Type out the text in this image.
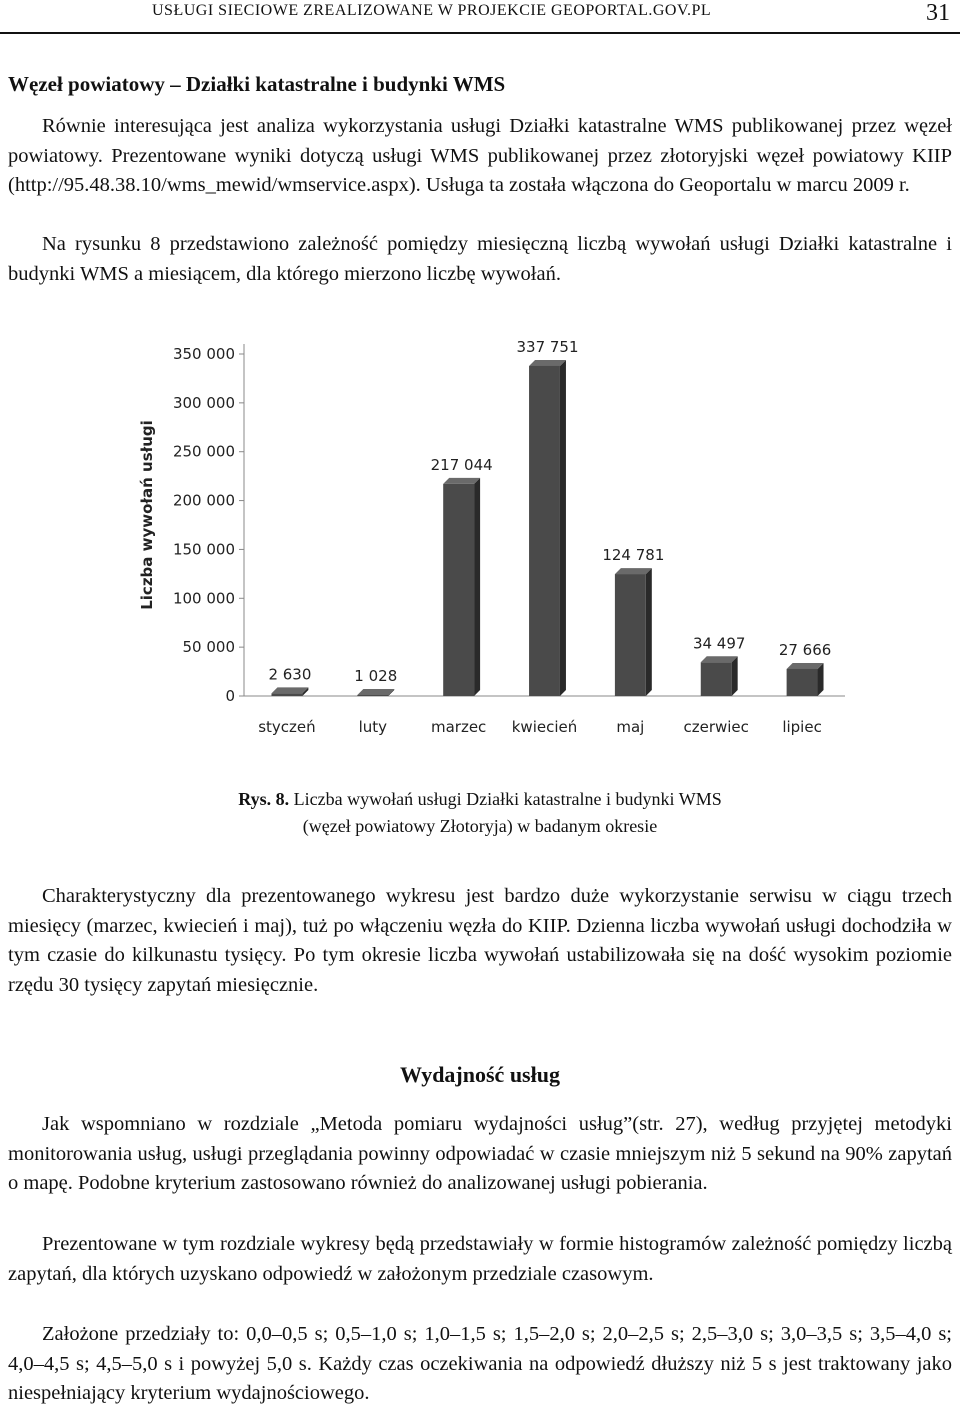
USŁUGI SIECIOWE ZREALIZOWANE W PROJEKCIE GEOPORTAL.GOV.PL	31
Węzeł powiatowy – Działki katastralne i budynki WMS

Równie interesująca jest analiza wykorzystania usługi Działki katastralne WMS publikowanej przez węzeł powiatowy. Prezentowane wyniki dotyczą usługi WMS publikowanej przez złotoryjski węzeł powiatowy KIIP (http://95.48.38.10/wms_mewid/wmservice.aspx). Usługa ta została włączona do Geoportalu w marcu 2009 r.

Na rysunku 8 przedstawiono zależność pomiędzy miesięczną liczbą wywołań usługi Działki katastralne i budynki WMS a miesiącem, dla którego mierzono liczbę wywołań.

0
50 000
100 000
150 000
200 000
250 000
300 000
350 000
Liczba wywołań usługi
2 630
styczeń
1 028
luty
217 044
marzec
337 751
kwiecień
124 781
maj
34 497
czerwiec
27 666
lipiec
Rys. 8. Liczba wywołań usługi Działki katastralne i budynki WMS
(węzeł powiatowy Złotoryja) w badanym okresie

Charakterystyczny dla prezentowanego wykresu jest bardzo duże wykorzystanie serwisu w ciągu trzech miesięcy (marzec, kwiecień i maj), tuż po włączeniu węzła do KIIP. Dzienna liczba wywołań usługi dochodziła w tym czasie do kilkunastu tysięcy. Po tym okresie liczba wywołań ustabilizowała się na dość wysokim poziomie rzędu 30 tysięcy zapytań miesięcznie.

Wydajność usług

Jak wspomniano w rozdziale „Metoda pomiaru wydajności usług”(str. 27), według przyjętej metodyki monitorowania usług, usługi przeglądania powinny odpowiadać w czasie mniejszym niż 5 sekund na 90% zapytań o mapę. Podobne kryterium zastosowano również do analizowanej usługi pobierania.

Prezentowane w tym rozdziale wykresy będą przedstawiały w formie histogramów zależność pomiędzy liczbą zapytań, dla których uzyskano odpowiedź w założonym przedziale czasowym.

Założone przedziały to: 0,0–0,5 s; 0,5–1,0 s; 1,0–1,5 s; 1,5–2,0 s; 2,0–2,5 s; 2,5–3,0 s; 3,0–3,5 s; 3,5–4,0 s; 4,0–4,5 s; 4,5–5,0 s i powyżej 5,0 s. Każdy czas oczekiwania na odpowiedź dłuższy niż 5 s jest traktowany jako niespełniający kryterium wydajnościowego.
